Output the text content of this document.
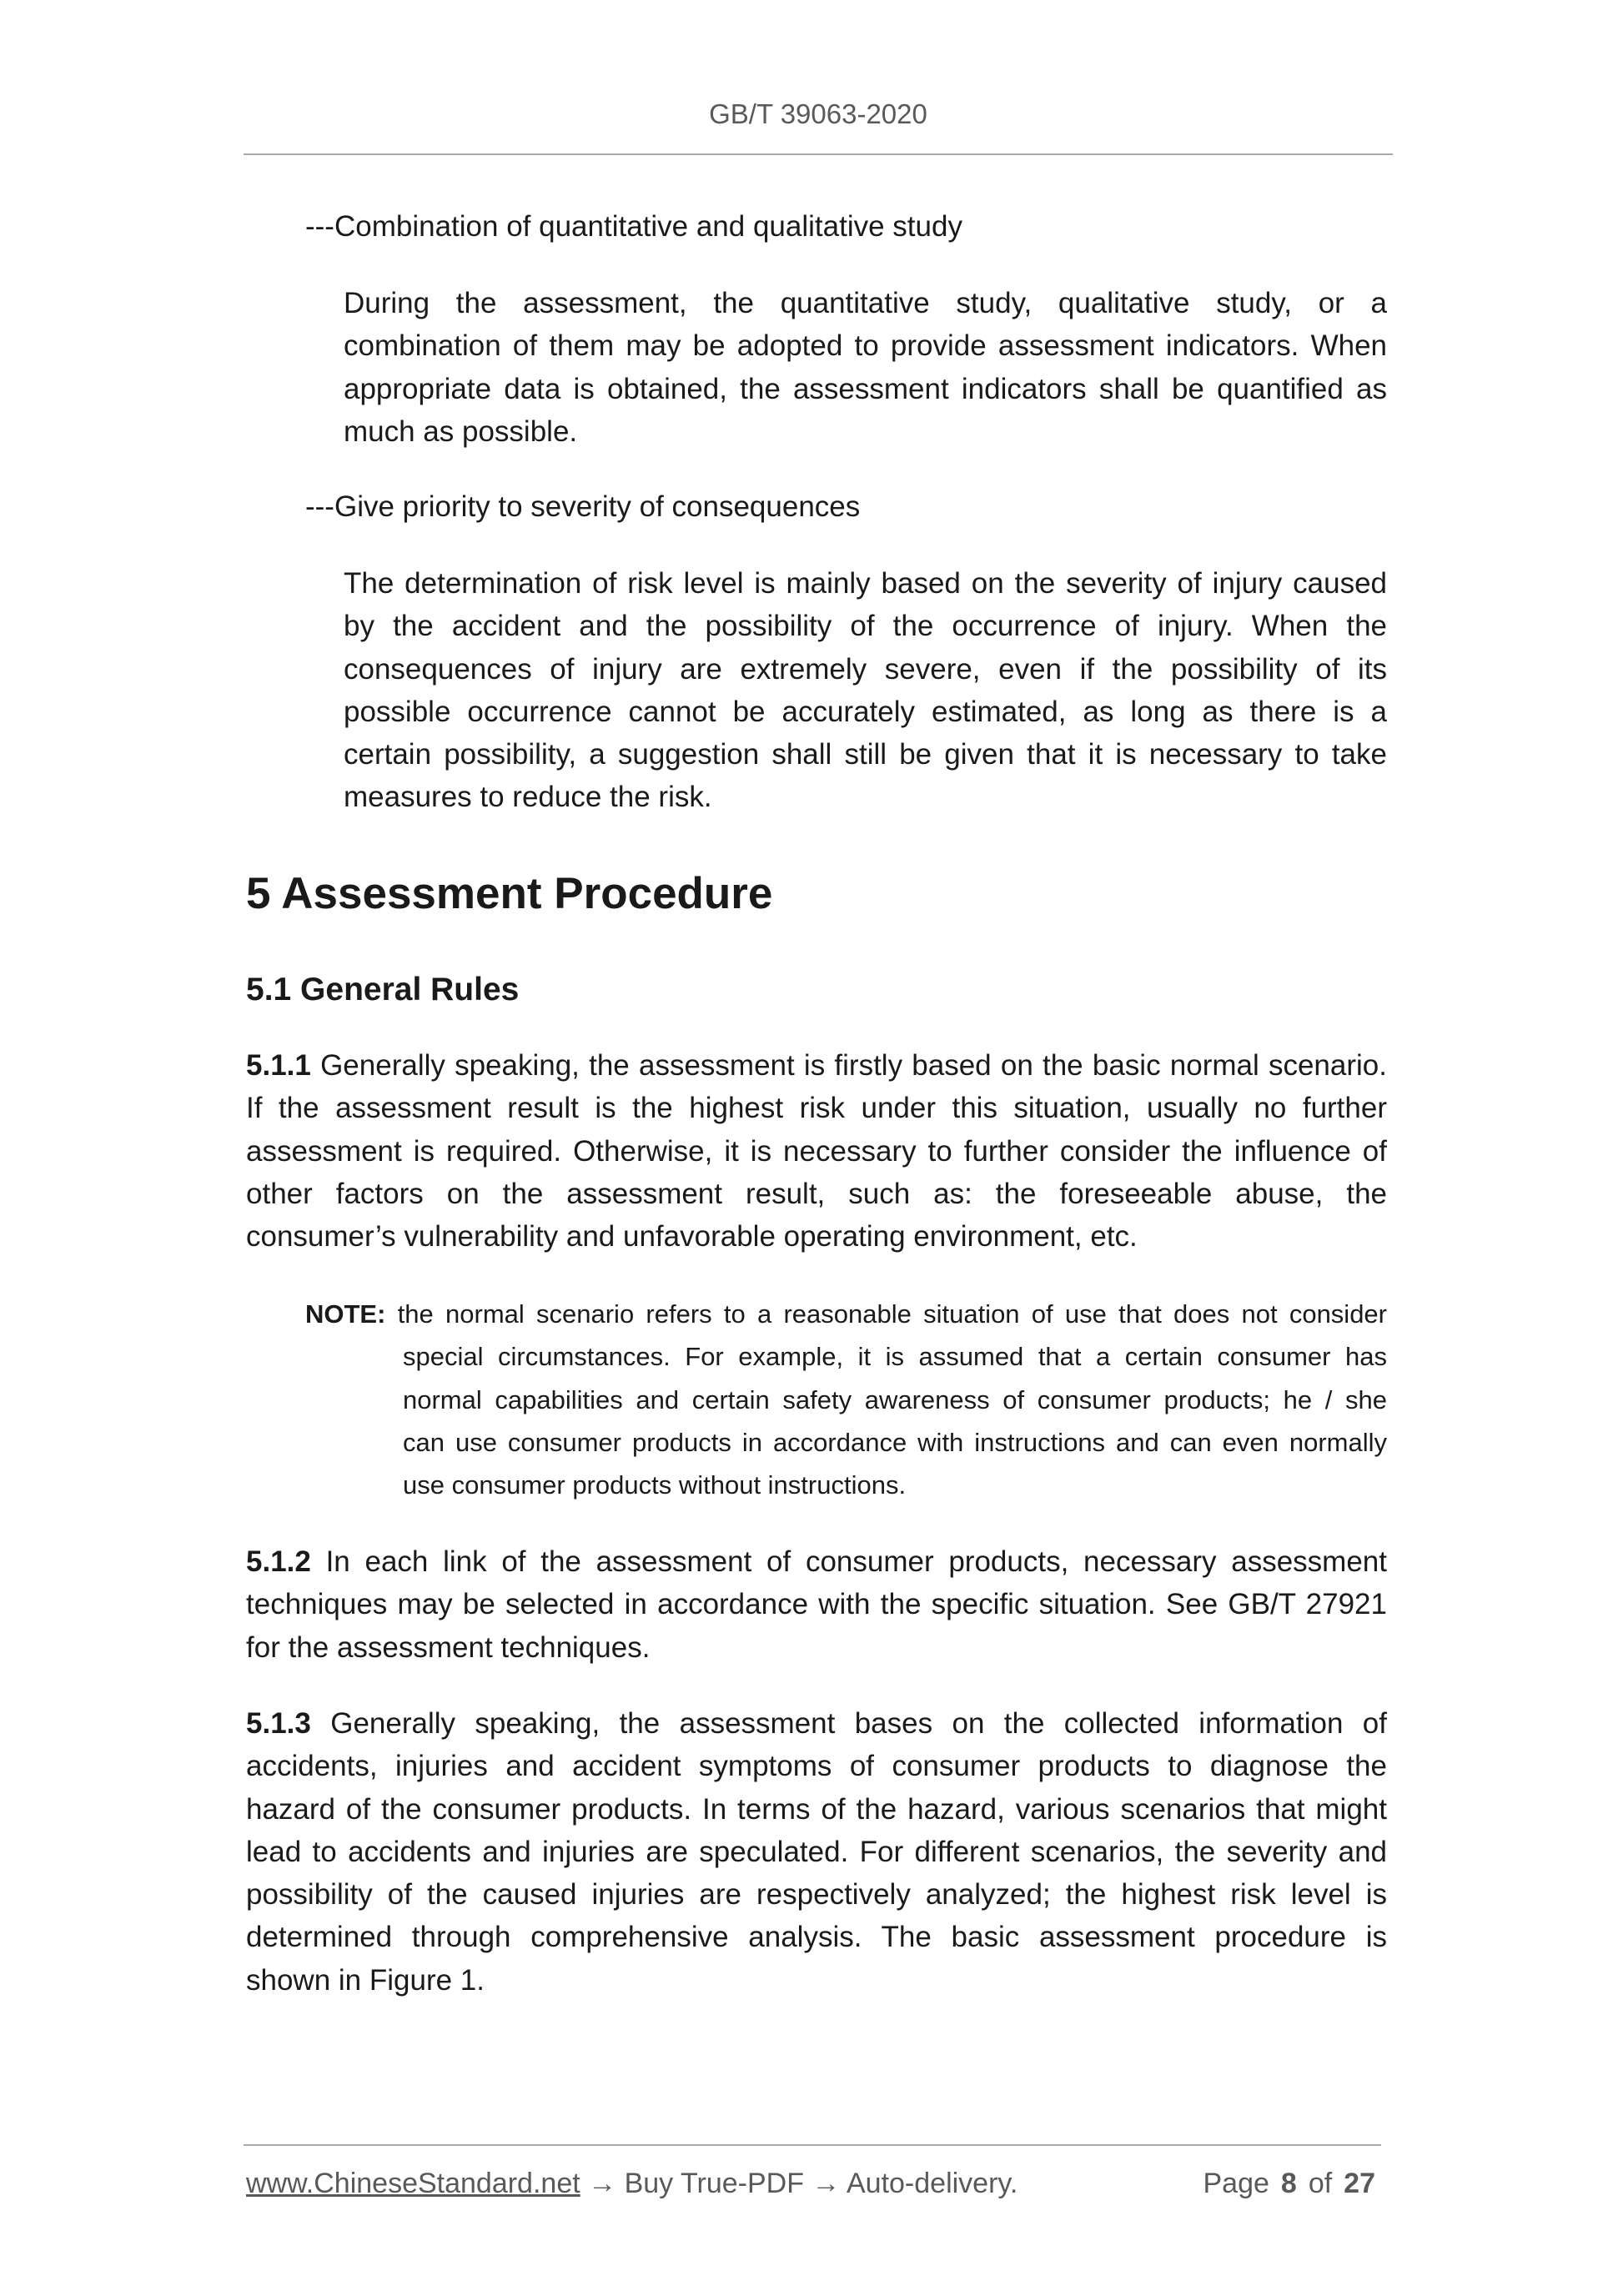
GB/T 39063-2020
---Combination of quantitative and qualitative study
During the assessment, the quantitative study, qualitative study, or a
combination of them may be adopted to provide assessment indicators. When
appropriate data is obtained, the assessment indicators shall be quantified as
much as possible.
---Give priority to severity of consequences
The determination of risk level is mainly based on the severity of injury caused
by the accident and the possibility of the occurrence of injury. When the
consequences of injury are extremely severe, even if the possibility of its
possible occurrence cannot be accurately estimated, as long as there is a
certain possibility, a suggestion shall still be given that it is necessary to take
measures to reduce the risk.
5 Assessment Procedure
5.1 General Rules
5.1.1 Generally speaking, the assessment is firstly based on the basic normal scenario.
If the assessment result is the highest risk under this situation, usually no further
assessment is required. Otherwise, it is necessary to further consider the influence of
other factors on the assessment result, such as: the foreseeable abuse, the
consumer’s vulnerability and unfavorable operating environment, etc.
NOTE: the normal scenario refers to a reasonable situation of use that does not consider
special circumstances. For example, it is assumed that a certain consumer has
normal capabilities and certain safety awareness of consumer products; he / she
can use consumer products in accordance with instructions and can even normally
use consumer products without instructions.
5.1.2 In each link of the assessment of consumer products, necessary assessment
techniques may be selected in accordance with the specific situation. See GB/T 27921
for the assessment techniques.
5.1.3 Generally speaking, the assessment bases on the collected information of
accidents, injuries and accident symptoms of consumer products to diagnose the
hazard of the consumer products. In terms of the hazard, various scenarios that might
lead to accidents and injuries are speculated. For different scenarios, the severity and
possibility of the caused injuries are respectively analyzed; the highest risk level is
determined through comprehensive analysis. The basic assessment procedure is
shown in Figure 1.
www.ChineseStandard.net → Buy True-PDF → Auto-delivery.	Page 8 of 27
